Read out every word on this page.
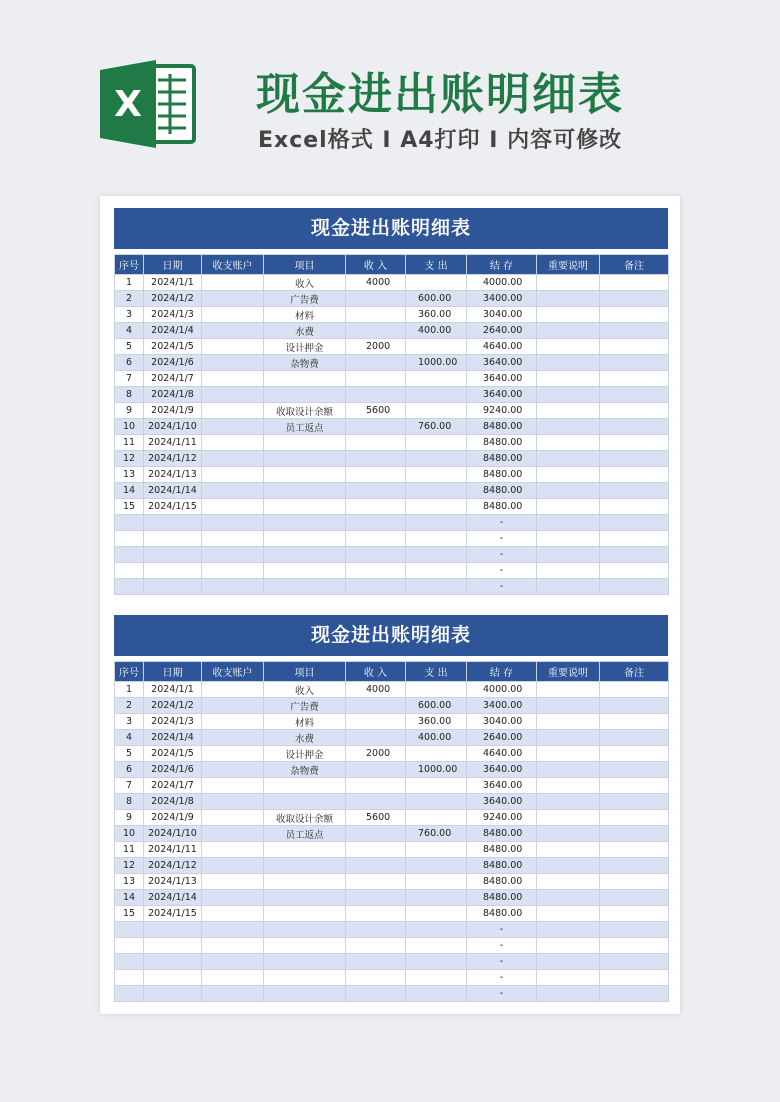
X	现金进出账明细表
Excel格式 I A4打印 I 内容可修改
现金进出账明细表
序号	日期	收支账户	项目	收 入	支 出	结 存	重要说明	备注
1	2024/1/1		收入	4000		4000.00		
2	2024/1/2		广告费		600.00	3400.00		
3	2024/1/3		材料		360.00	3040.00		
4	2024/1/4		水费		400.00	2640.00		
5	2024/1/5		设计押金	2000		4640.00		
6	2024/1/6		杂物费		1000.00	3640.00		
7	2024/1/7					3640.00		
8	2024/1/8					3640.00		
9	2024/1/9		收取设计余额	5600		9240.00		
10	2024/1/10		员工返点		760.00	8480.00		
11	2024/1/11					8480.00		
12	2024/1/12					8480.00		
13	2024/1/13					8480.00		
14	2024/1/14					8480.00		
15	2024/1/15					8480.00		
						-		
						-		
						-		
						-		
						-		
现金进出账明细表
序号	日期	收支账户	项目	收 入	支 出	结 存	重要说明	备注
1	2024/1/1		收入	4000		4000.00		
2	2024/1/2		广告费		600.00	3400.00		
3	2024/1/3		材料		360.00	3040.00		
4	2024/1/4		水费		400.00	2640.00		
5	2024/1/5		设计押金	2000		4640.00		
6	2024/1/6		杂物费		1000.00	3640.00		
7	2024/1/7					3640.00		
8	2024/1/8					3640.00		
9	2024/1/9		收取设计余额	5600		9240.00		
10	2024/1/10		员工返点		760.00	8480.00		
11	2024/1/11					8480.00		
12	2024/1/12					8480.00		
13	2024/1/13					8480.00		
14	2024/1/14					8480.00		
15	2024/1/15					8480.00		
						-		
						-		
						-		
						-		
						-		
